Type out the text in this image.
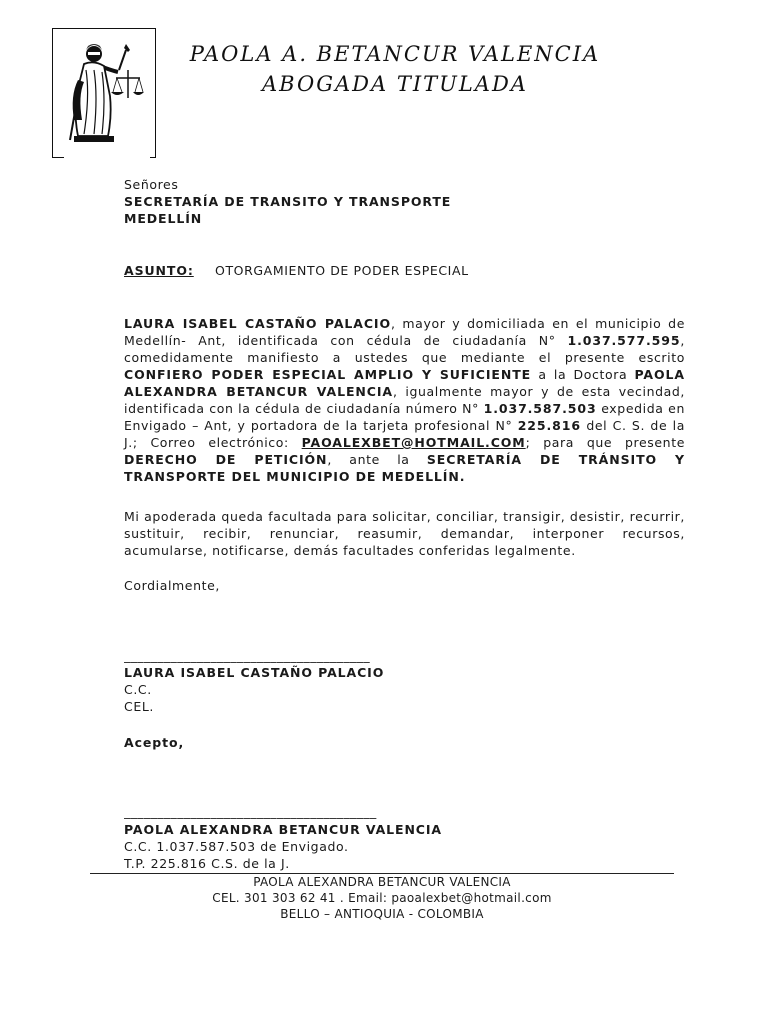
PAOLA A. BETANCUR VALENCIA
ABOGADA TITULADA
Señores
SECRETARÍA DE TRANSITO Y TRANSPORTE
MEDELLÍN
ASUNTO: OTORGAMIENTO DE PODER ESPECIAL
LAURA ISABEL CASTAÑO PALACIO, mayor y domiciliada en el municipio de Medellín- Ant, identificada con cédula de ciudadanía N° 1.037.577.595, comedidamente manifiesto a ustedes que mediante el presente escrito CONFIERO PODER ESPECIAL AMPLIO Y SUFICIENTE a la Doctora PAOLA ALEXANDRA BETANCUR VALENCIA, igualmente mayor y de esta vecindad, identificada con la cédula de ciudadanía número N° 1.037.587.503 expedida en Envigado – Ant, y portadora de la tarjeta profesional N° 225.816 del C. S. de la J.; Correo electrónico: PAOALEXBET@HOTMAIL.COM; para que presente DERECHO DE PETICIÓN, ante la SECRETARÍA DE TRÁNSITO Y TRANSPORTE DEL MUNICIPIO DE MEDELLÍN.
Mi apoderada queda facultada para solicitar, conciliar, transigir, desistir, recurrir, sustituir, recibir, renunciar, reasumir, demandar, interponer recursos, acumularse, notificarse, demás facultades conferidas legalmente.
Cordialmente,
_____________________________________
LAURA ISABEL CASTAÑO PALACIO
C.C.
CEL.
Acepto,
______________________________________
PAOLA ALEXANDRA BETANCUR VALENCIA
C.C. 1.037.587.503 de Envigado.
T.P. 225.816 C.S. de la J.
PAOLA ALEXANDRA BETANCUR VALENCIA
CEL. 301 303 62 41 . Email: paoalexbet@hotmail.com
BELLO – ANTIOQUIA - COLOMBIA
